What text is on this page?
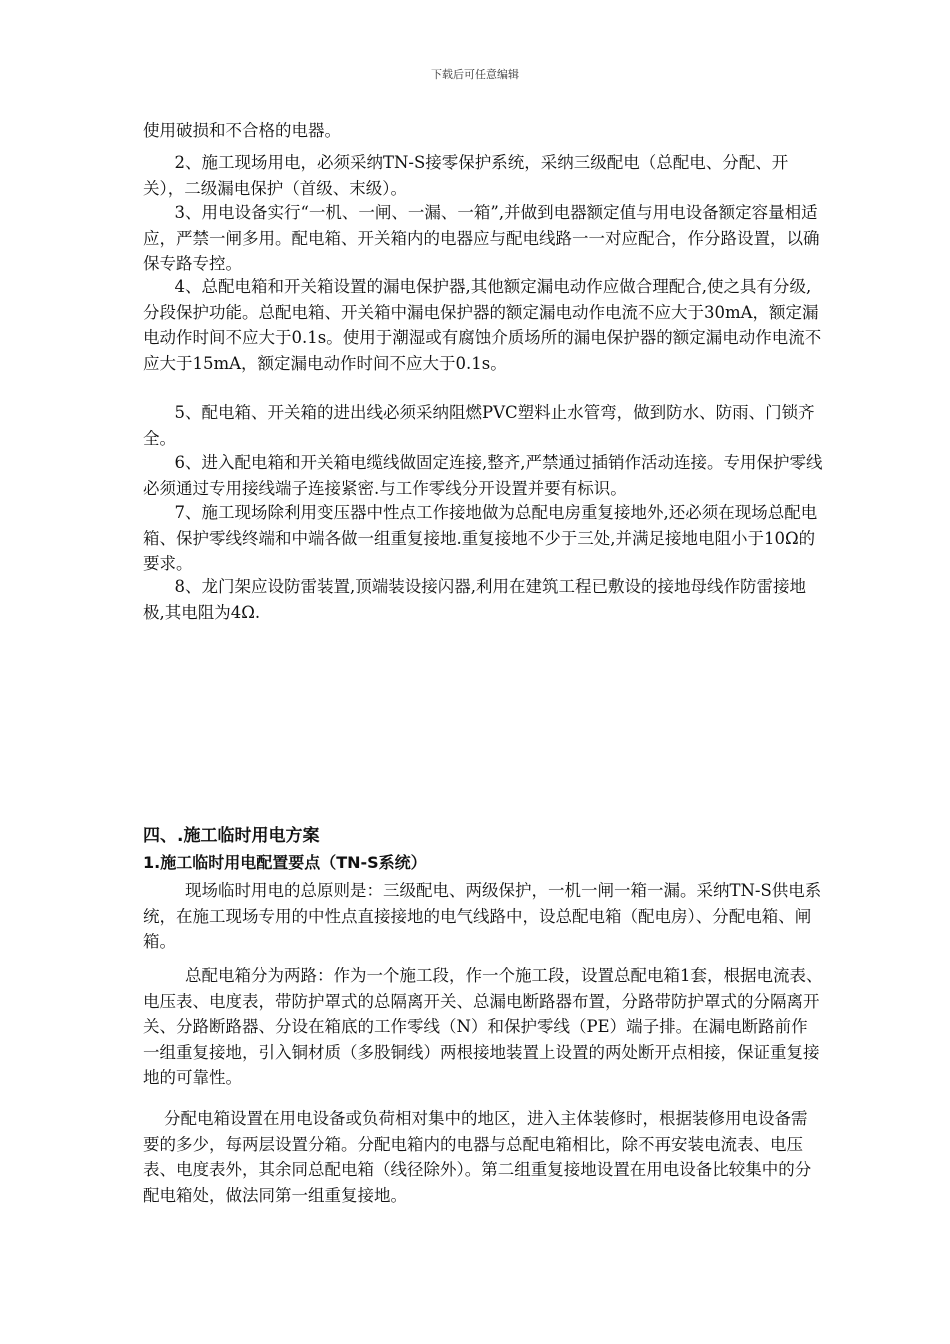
下载后可任意编辑
使用破损和不合格的电器。
2、施工现场用电，必须采纳TN-S接零保护系统，采纳三级配电（总配电、分配、开关），二级漏电保护（首级、末级）。
3、用电设备实行“一机、一闸、一漏、一箱”,并做到电器额定值与用电设备额定容量相适应，严禁一闸多用。配电箱、开关箱内的电器应与配电线路一一对应配合，作分路设置，以确保专路专控。
4、总配电箱和开关箱设置的漏电保护器,其他额定漏电动作应做合理配合,使之具有分级,分段保护功能。总配电箱、开关箱中漏电保护器的额定漏电动作电流不应大于30mA，额定漏电动作时间不应大于0.1s。使用于潮湿或有腐蚀介质场所的漏电保护器的额定漏电动作电流不应大于15mA，额定漏电动作时间不应大于0.1s。
5、配电箱、开关箱的进出线必须采纳阻燃PVC塑料止水管弯，做到防水、防雨、门锁齐全。
6、进入配电箱和开关箱电缆线做固定连接,整齐,严禁通过插销作活动连接。专用保护零线必须通过专用接线端子连接紧密.与工作零线分开设置并要有标识。
7、施工现场除利用变压器中性点工作接地做为总配电房重复接地外,还必须在现场总配电箱、保护零线终端和中端各做一组重复接地.重复接地不少于三处,并满足接地电阻小于10Ω的要求。
8、龙门架应设防雷装置,顶端装设接闪器,利用在建筑工程已敷设的接地母线作防雷接地极,其电阻为4Ω.
四、.施工临时用电方案
1.施工临时用电配置要点（TN-S系统）
现场临时用电的总原则是：三级配电、两级保护，一机一闸一箱一漏。采纳TN-S供电系统，在施工现场专用的中性点直接接地的电气线路中，设总配电箱（配电房）、分配电箱、闸箱。
总配电箱分为两路：作为一个施工段，作一个施工段，设置总配电箱1套，根据电流表、电压表、电度表，带防护罩式的总隔离开关、总漏电断路器布置，分路带防护罩式的分隔离开关、分路断路器、分设在箱底的工作零线（N）和保护零线（PE）端子排。在漏电断路前作一组重复接地，引入铜材质（多股铜线）两根接地装置上设置的两处断开点相接，保证重复接地的可靠性。
分配电箱设置在用电设备或负荷相对集中的地区，进入主体装修时，根据装修用电设备需要的多少，每两层设置分箱。分配电箱内的电器与总配电箱相比，除不再安装电流表、电压表、电度表外，其余同总配电箱（线径除外）。第二组重复接地设置在用电设备比较集中的分配电箱处，做法同第一组重复接地。
